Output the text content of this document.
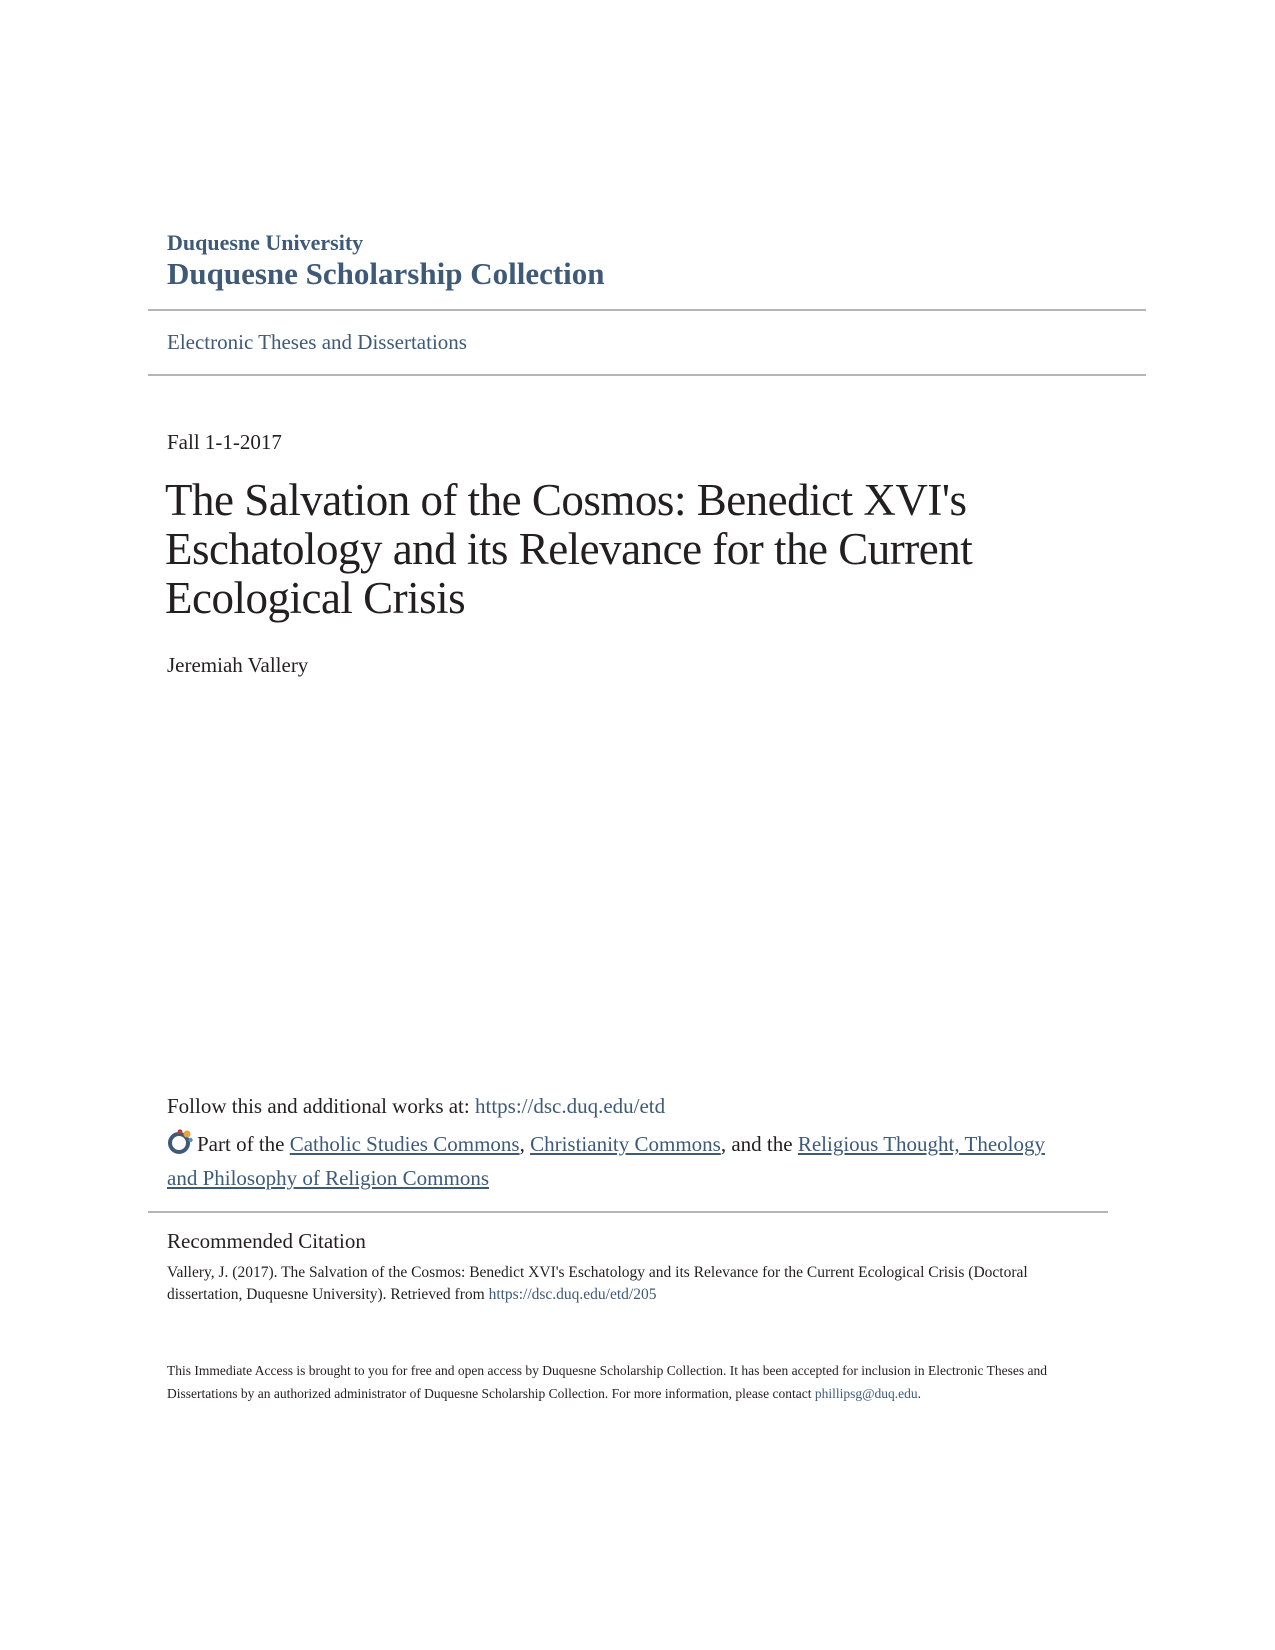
Duquesne University
Duquesne Scholarship Collection
Electronic Theses and Dissertations
Fall 1-1-2017
The Salvation of the Cosmos: Benedict XVI's Eschatology and its Relevance for the Current Ecological Crisis
Jeremiah Vallery
Follow this and additional works at: https://dsc.duq.edu/etd
Part of the Catholic Studies Commons, Christianity Commons, and the Religious Thought, Theology and Philosophy of Religion Commons
Recommended Citation
Vallery, J. (2017). The Salvation of the Cosmos: Benedict XVI's Eschatology and its Relevance for the Current Ecological Crisis (Doctoral dissertation, Duquesne University). Retrieved from https://dsc.duq.edu/etd/205
This Immediate Access is brought to you for free and open access by Duquesne Scholarship Collection. It has been accepted for inclusion in Electronic Theses and Dissertations by an authorized administrator of Duquesne Scholarship Collection. For more information, please contact phillipsg@duq.edu.
